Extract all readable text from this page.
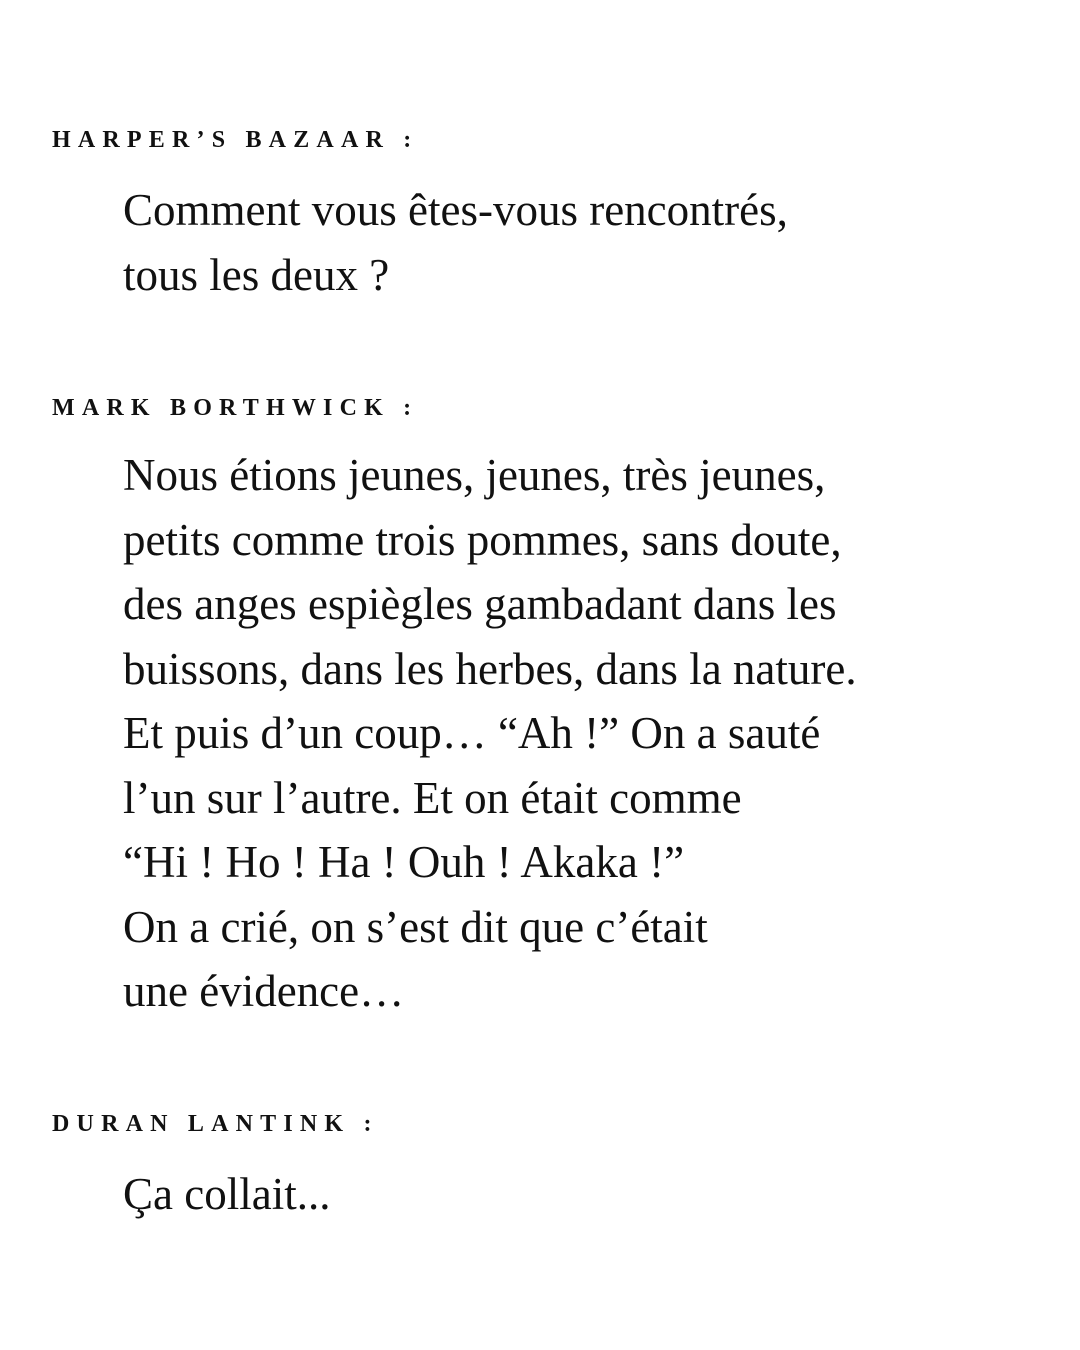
HARPER’S BAZAAR :

Comment vous êtes-vous rencontrés,
tous les deux ?

MARK BORTHWICK :

Nous étions jeunes, jeunes, très jeunes,
petits comme trois pommes, sans doute,
des anges espiègles gambadant dans les
buissons, dans les herbes, dans la nature.
Et puis d’un coup… “Ah !” On a sauté
l’un sur l’autre. Et on était comme
“Hi ! Ho ! Ha ! Ouh ! Akaka !”
On a crié, on s’est dit que c’était
une évidence…

DURAN LANTINK :

Ça collait...
